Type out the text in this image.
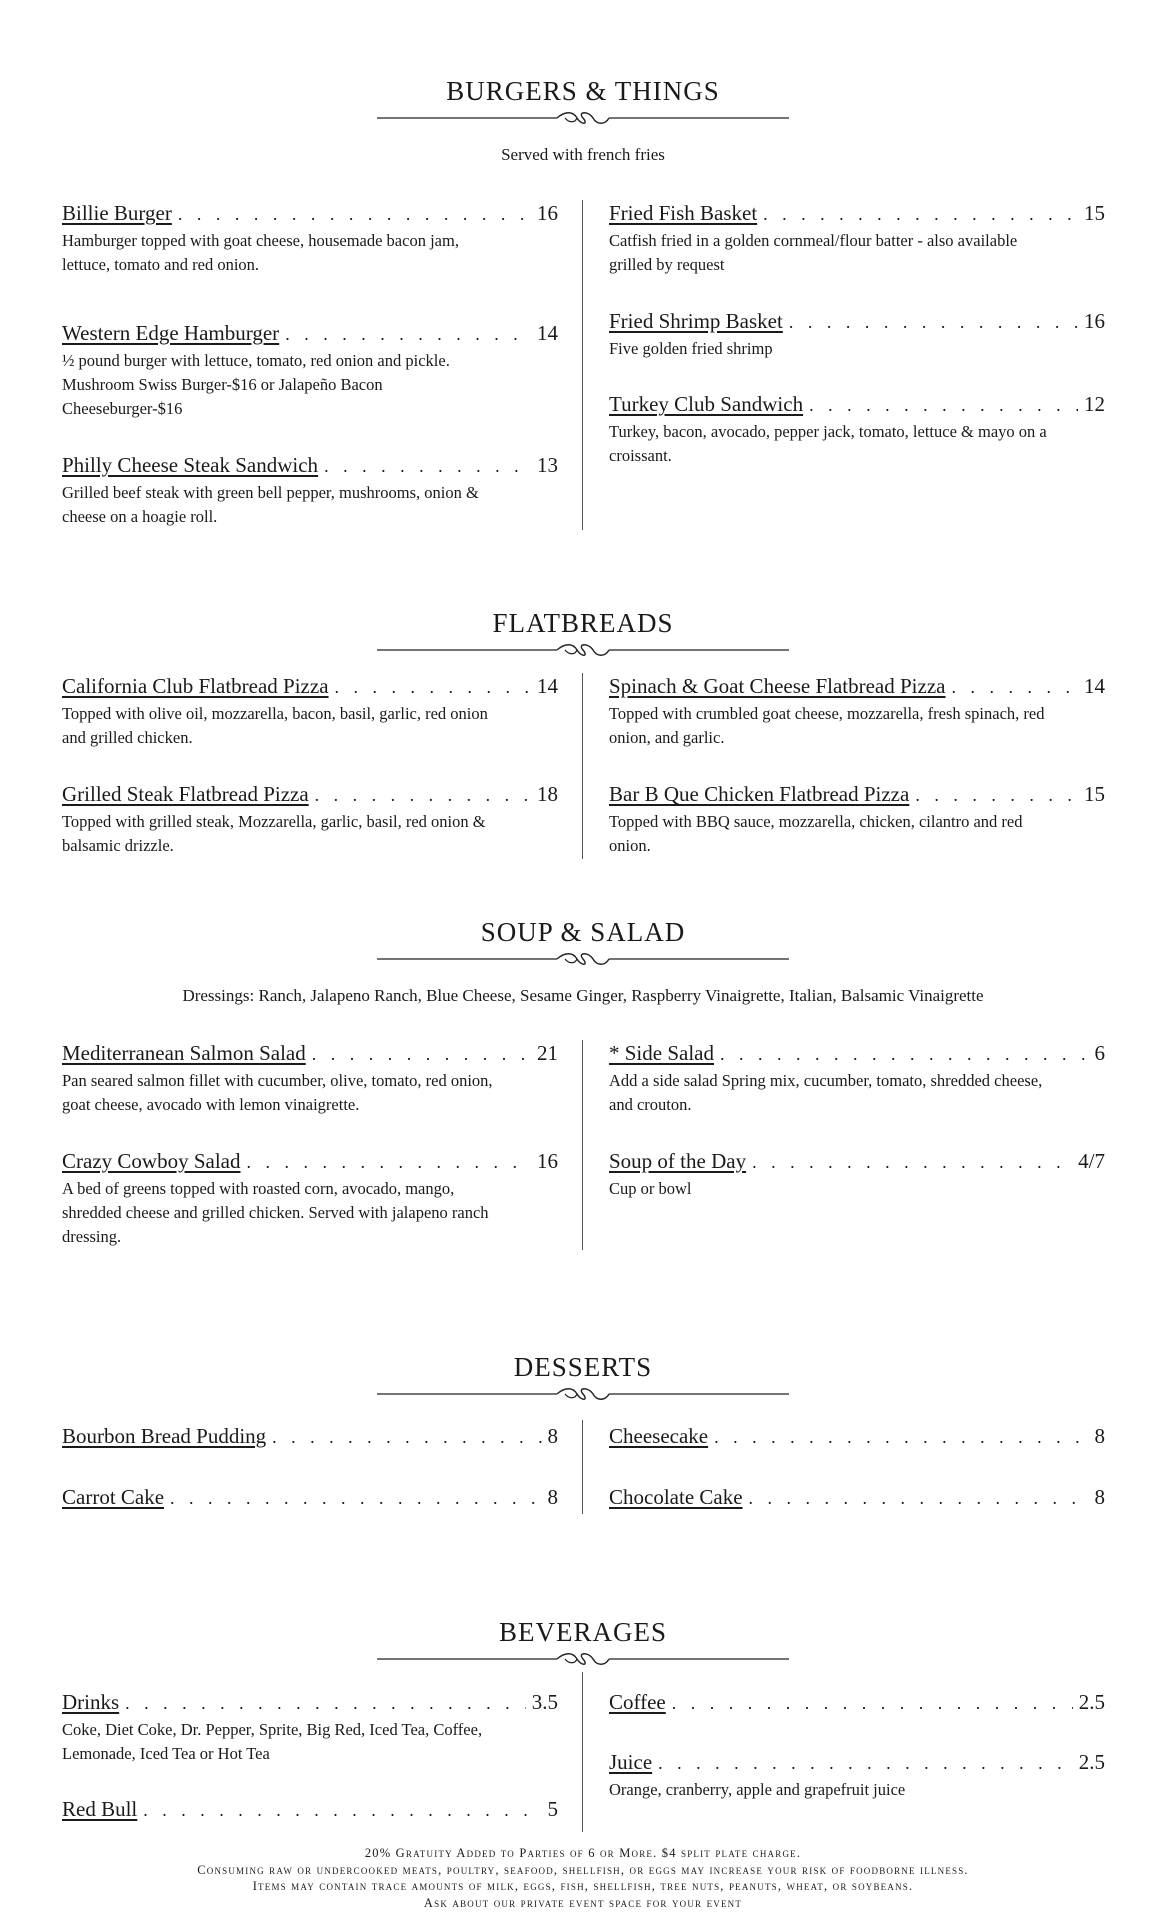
BURGERS & THINGS
Served with french fries
Billie Burger . . .	16
Hamburger topped with goat cheese, housemade bacon jam, lettuce, tomato and red onion.
Western Edge Hamburger . . .	14
½ pound burger with lettuce, tomato, red onion and pickle. Mushroom Swiss Burger-$16 or Jalapeño Bacon Cheeseburger-$16
Philly Cheese Steak Sandwich . . .	13
Grilled beef steak with green bell pepper, mushrooms, onion & cheese on a hoagie roll.
Fried Fish Basket . . .	15
Catfish fried in a golden cornmeal/flour batter - also available grilled by request
Fried Shrimp Basket . . .	16
Five golden fried shrimp
Turkey Club Sandwich . . .	12
Turkey, bacon, avocado, pepper jack, tomato, lettuce & mayo on a croissant.
FLATBREADS
California Club Flatbread Pizza . . .	14
Topped with olive oil, mozzarella, bacon, basil, garlic, red onion and grilled chicken.
Grilled Steak Flatbread Pizza . . .	18
Topped with grilled steak, Mozzarella, garlic, basil, red onion & balsamic drizzle.
Spinach & Goat Cheese Flatbread Pizza . . .	14
Topped with crumbled goat cheese, mozzarella, fresh spinach, red onion, and garlic.
Bar B Que Chicken Flatbread Pizza . . .	15
Topped with BBQ sauce, mozzarella, chicken, cilantro and red onion.
SOUP & SALAD
Dressings: Ranch, Jalapeno Ranch, Blue Cheese, Sesame Ginger, Raspberry Vinaigrette, Italian, Balsamic Vinaigrette
Mediterranean Salmon Salad . . .	21
Pan seared salmon fillet with cucumber, olive, tomato, red onion, goat cheese, avocado with lemon vinaigrette.
Crazy Cowboy Salad . . .	16
A bed of greens topped with roasted corn, avocado, mango, shredded cheese and grilled chicken. Served with jalapeno ranch dressing.
* Side Salad . . .	6
Add a side salad Spring mix, cucumber, tomato, shredded cheese, and crouton.
Soup of the Day . . .	4/7
Cup or bowl
DESSERTS
Bourbon Bread Pudding . . .	8
Carrot Cake . . .	8
Cheesecake . . .	8
Chocolate Cake . . .	8
BEVERAGES
Drinks . . .	3.5
Coke, Diet Coke, Dr. Pepper, Sprite, Big Red, Iced Tea, Coffee, Lemonade, Iced Tea or Hot Tea
Red Bull . . .	5
Coffee . . .	2.5
Juice . . .	2.5
Orange, cranberry, apple and grapefruit juice
20% Gratuity Added to Parties of 6 or More. $4 split plate charge.
Consuming raw or undercooked meats, poultry, seafood, shellfish, or eggs may increase your risk of foodborne illness.
Items may contain trace amounts of milk, eggs, fish, shellfish, tree nuts, peanuts, wheat, or soybeans.
Ask about our private event space for your event
